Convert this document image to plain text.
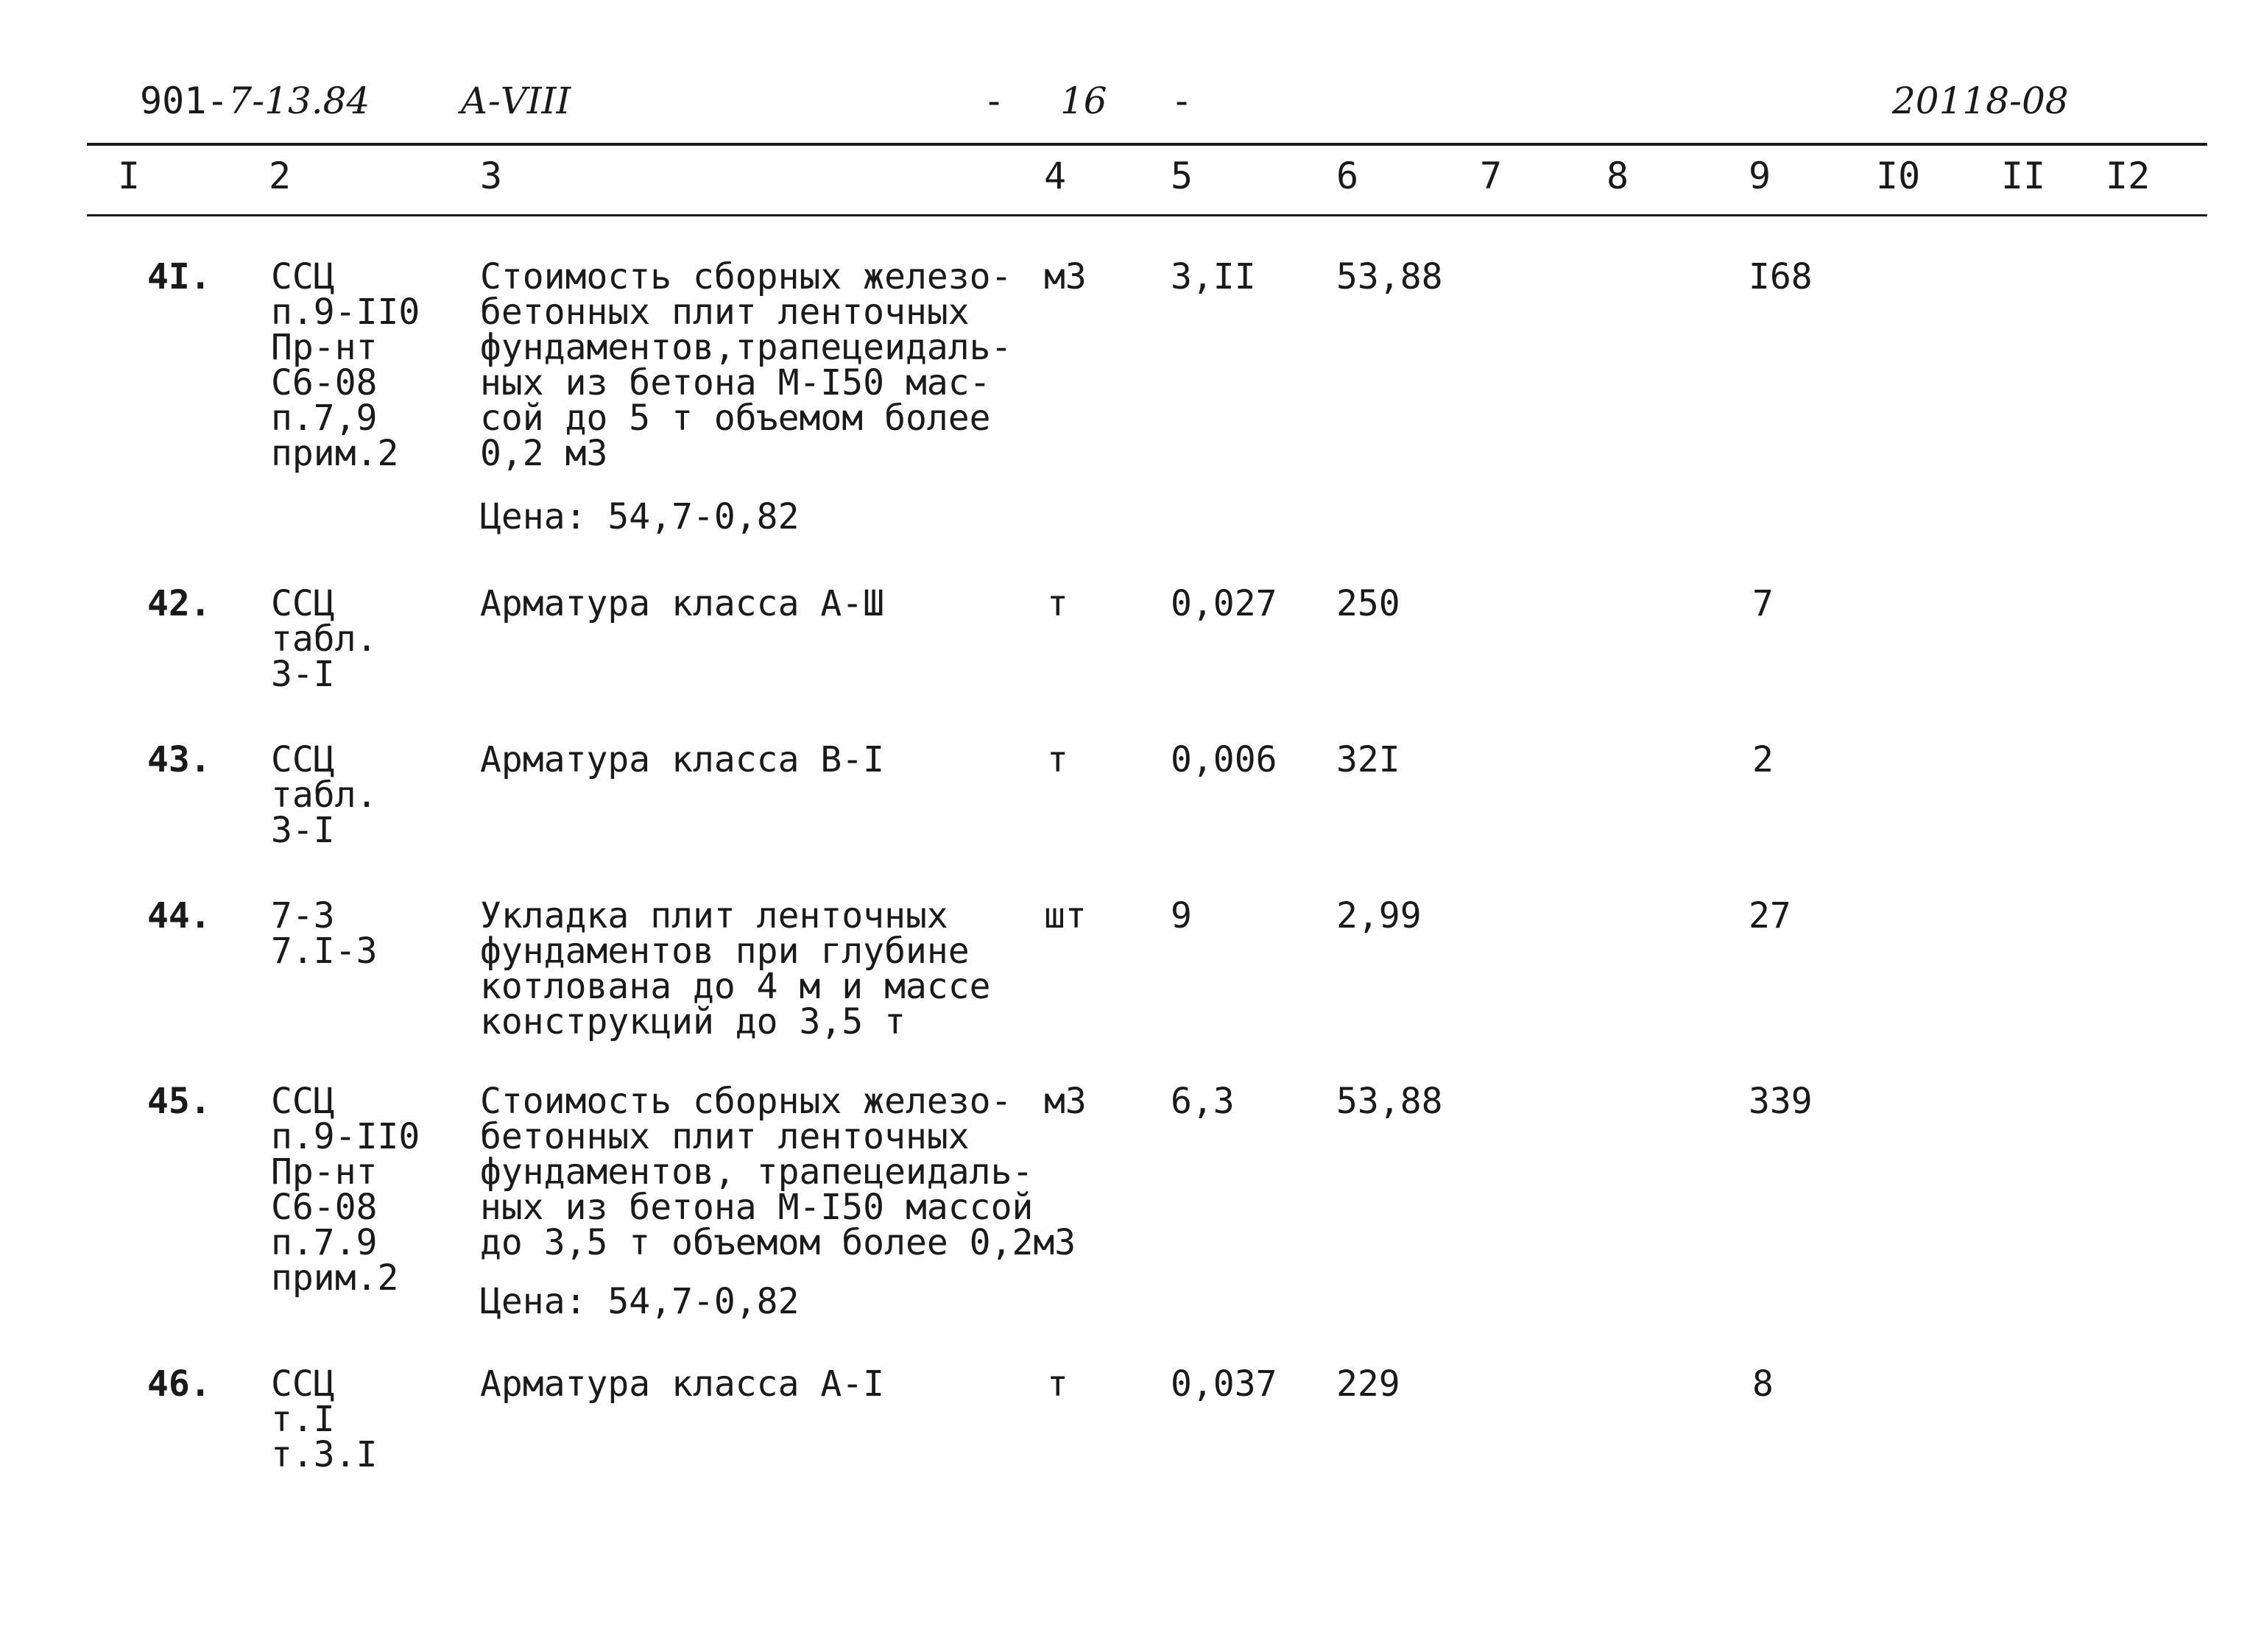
901-7-13.84 А-VIII	- 16 -	20118-08
I	2	3	4	5	6	7	8	9	I0 II I2
4I. ССЦ
п.9-II0
Пр-нт
С6-08
п.7,9
прим.2
Стоимость сборных железо-
бетонных плит ленточных
фундаментов,трапецеидаль-
ных из бетона М-I50 мас-
сой до 5 т объемом более
0,2 м3
Цена: 54,7-0,82
м3 3,II 53,88	I68
42. ССЦ
табл.
3-I
Арматура класса А-Ш	т	0,027 250	7
43. ССЦ
табл.
3-I
Арматура класса В-I	т	0,006 32I	2
44. 7-3
7.I-3
Укладка плит ленточных
фундаментов при глубине
котлована до 4 м и массе
конструкций до 3,5 т
шт 9	2,99	27
45. ССЦ
п.9-II0
Пр-нт
С6-08
п.7.9
прим.2
Стоимость сборных железо-
бетонных плит ленточных
фундаментов, трапецеидаль-
ных из бетона М-I50 массой
до 3,5 т объемом более 0,2м3
Цена: 54,7-0,82
м3 6,3	53,88	339
46. ССЦ
т.I
т.3.I
Арматура класса А-I	т	0,037 229	8
